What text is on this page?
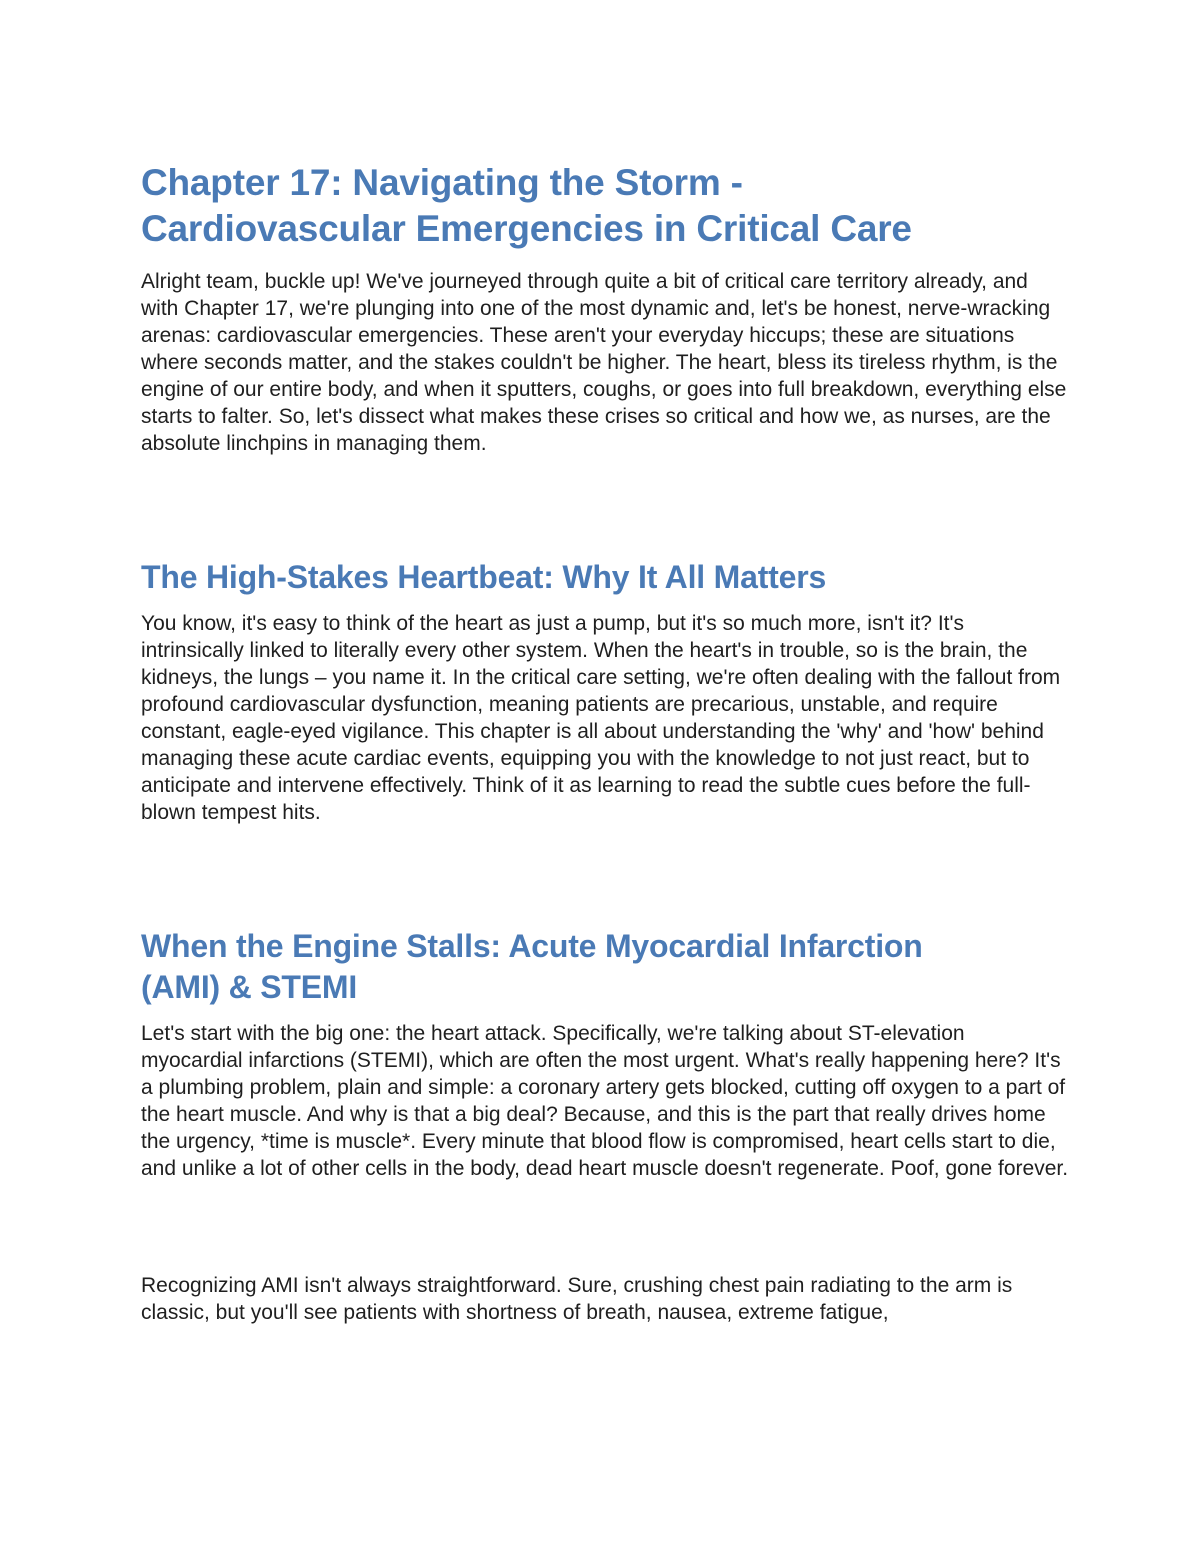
Chapter 17: Navigating the Storm -
Cardiovascular Emergencies in Critical Care

Alright team, buckle up! We've journeyed through quite a bit of critical care territory already, and with Chapter 17, we're plunging into one of the most dynamic and, let's be honest, nerve-wracking arenas: cardiovascular emergencies. These aren't your everyday hiccups; these are situations where seconds matter, and the stakes couldn't be higher. The heart, bless its tireless rhythm, is the engine of our entire body, and when it sputters, coughs, or goes into full breakdown, everything else starts to falter. So, let's dissect what makes these crises so critical and how we, as nurses, are the absolute linchpins in managing them.

The High-Stakes Heartbeat: Why It All Matters

You know, it's easy to think of the heart as just a pump, but it's so much more, isn't it? It's intrinsically linked to literally every other system. When the heart's in trouble, so is the brain, the kidneys, the lungs – you name it. In the critical care setting, we're often dealing with the fallout from profound cardiovascular dysfunction, meaning patients are precarious, unstable, and require constant, eagle-eyed vigilance. This chapter is all about understanding the 'why' and 'how' behind managing these acute cardiac events, equipping you with the knowledge to not just react, but to anticipate and intervene effectively. Think of it as learning to read the subtle cues before the full-blown tempest hits.

When the Engine Stalls: Acute Myocardial Infarction
(AMI) & STEMI

Let's start with the big one: the heart attack. Specifically, we're talking about ST-elevation myocardial infarctions (STEMI), which are often the most urgent. What's really happening here? It's a plumbing problem, plain and simple: a coronary artery gets blocked, cutting off oxygen to a part of the heart muscle. And why is that a big deal? Because, and this is the part that really drives home the urgency, *time is muscle*. Every minute that blood flow is compromised, heart cells start to die, and unlike a lot of other cells in the body, dead heart muscle doesn't regenerate. Poof, gone forever.

Recognizing AMI isn't always straightforward. Sure, crushing chest pain radiating to the arm is classic, but you'll see patients with shortness of breath, nausea, extreme fatigue,
